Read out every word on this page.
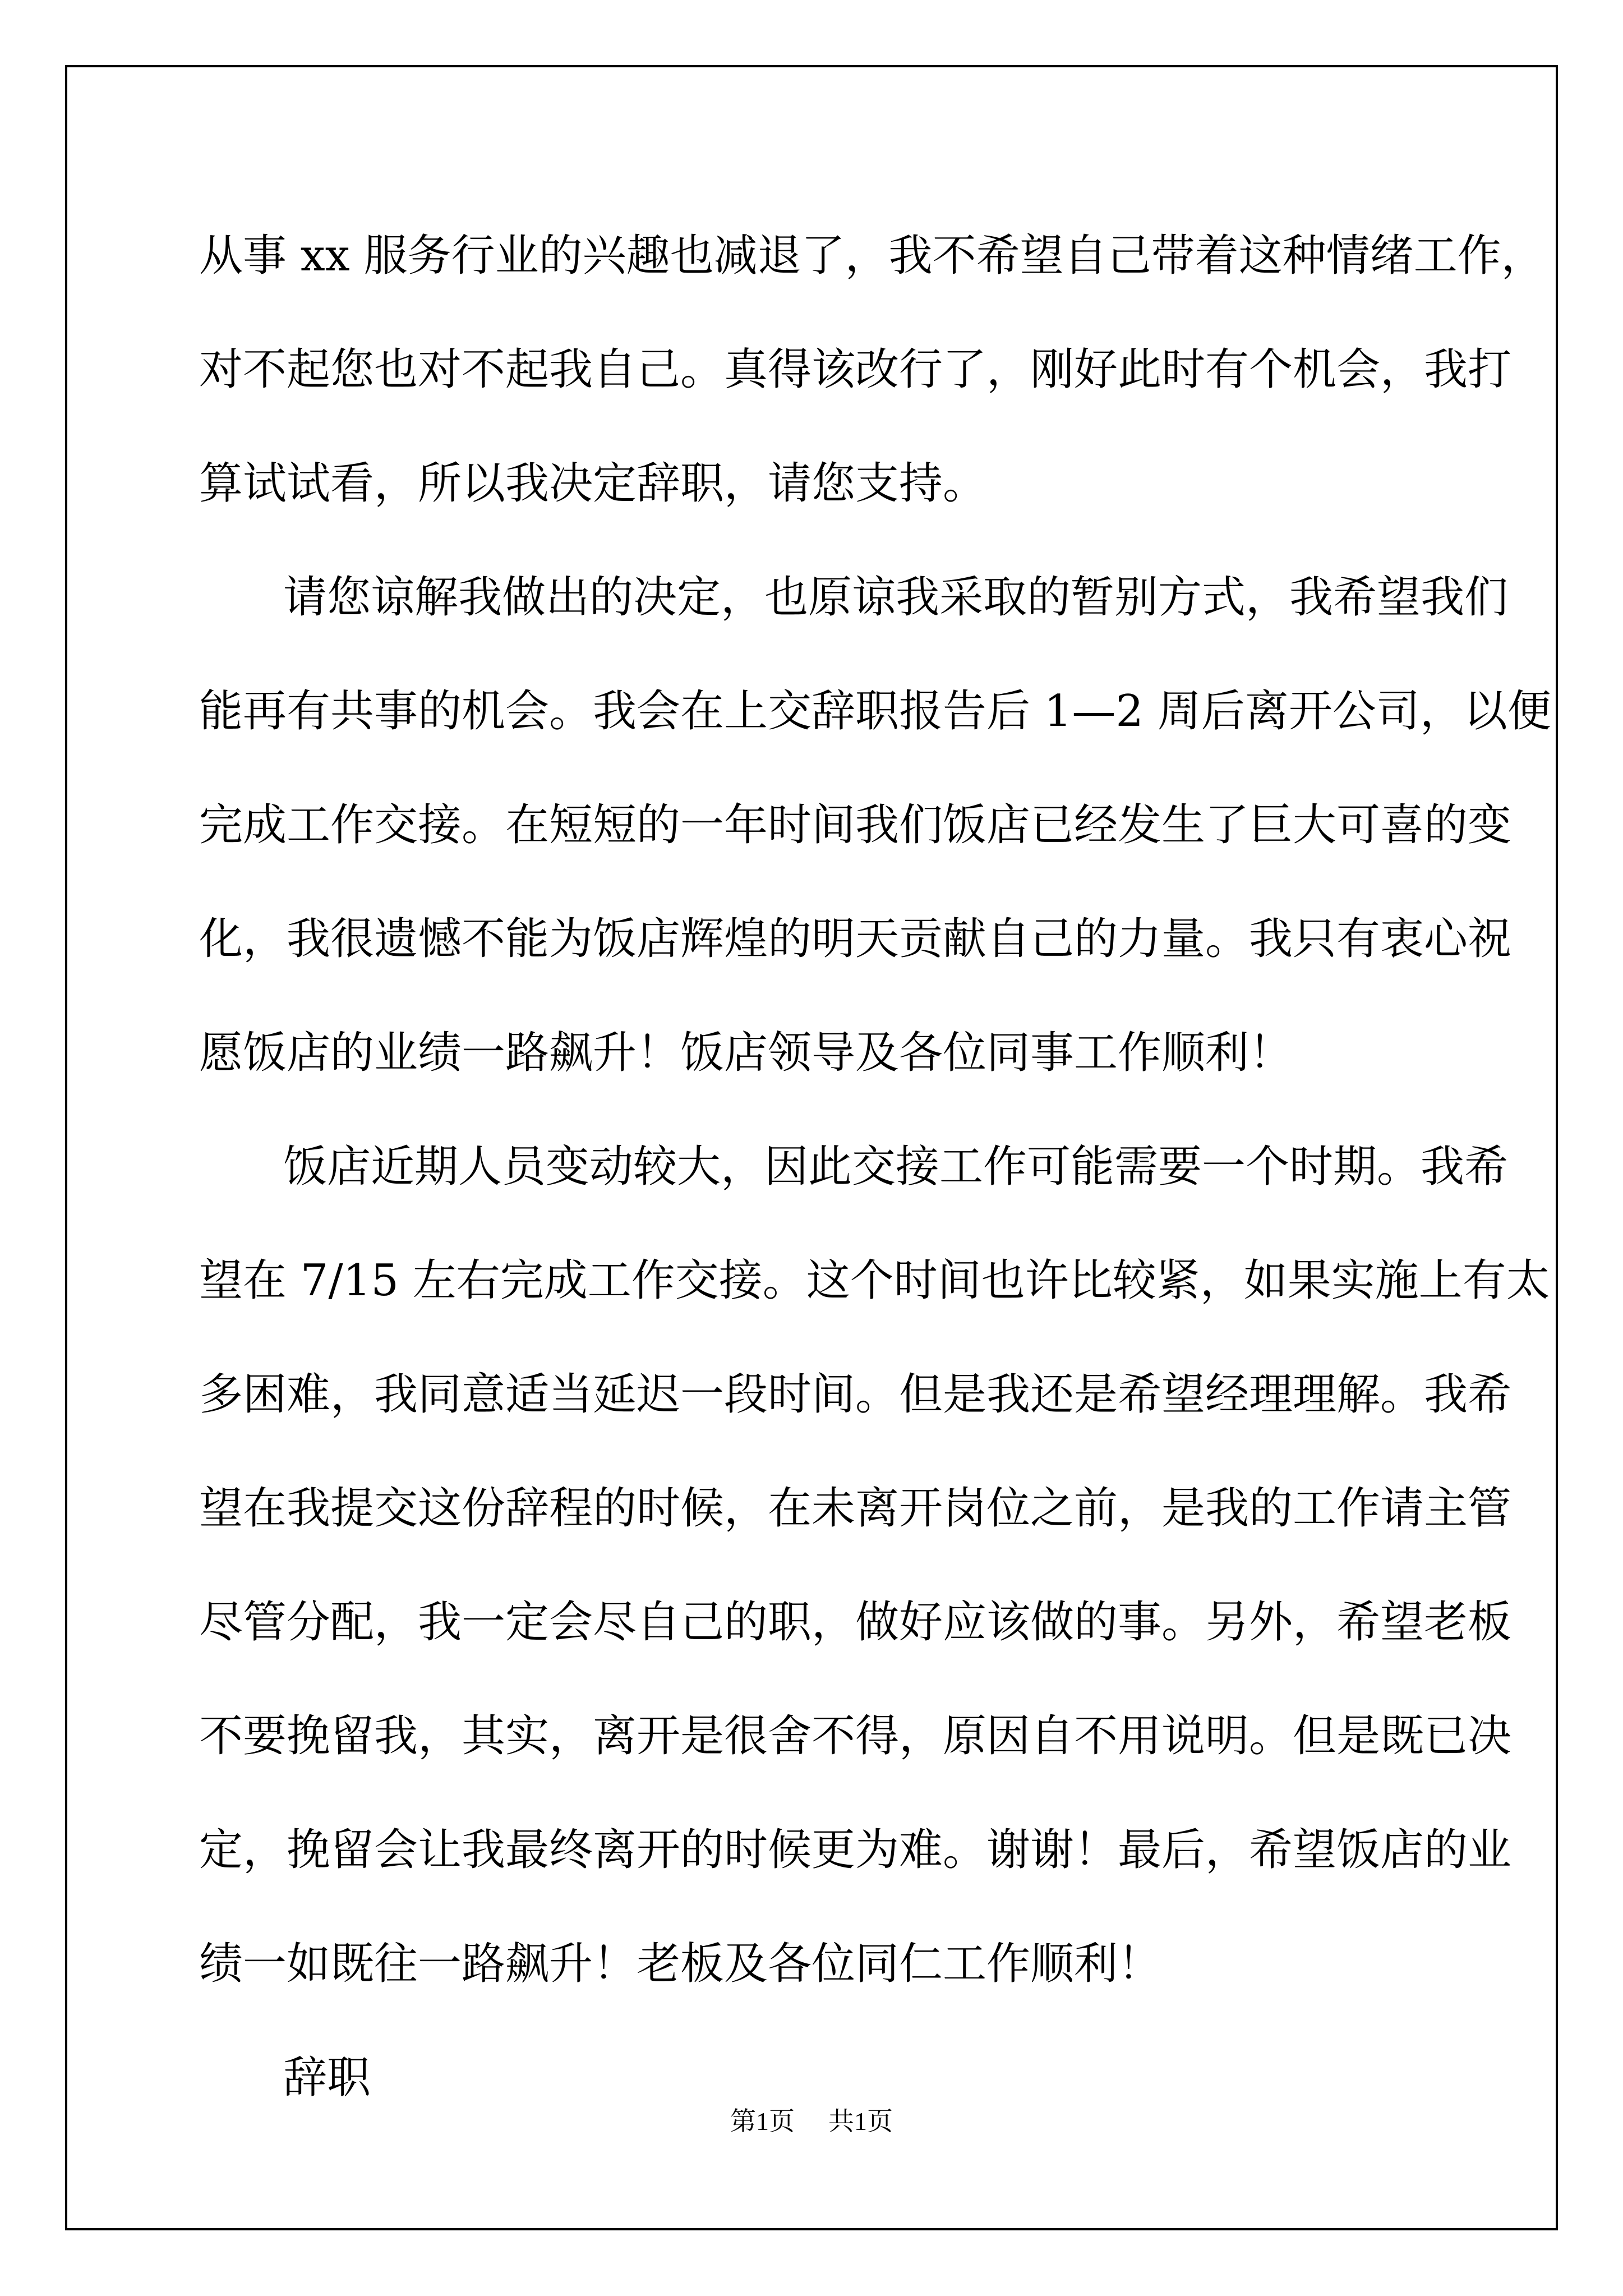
从事 xx 服务行业的兴趣也减退了，我不希望自己带着这种情绪工作，
对不起您也对不起我自己。真得该改行了，刚好此时有个机会，我打
算试试看，所以我决定辞职，请您支持。
请您谅解我做出的决定，也原谅我采取的暂别方式，我希望我们
能再有共事的机会。我会在上交辞职报告后 1—2 周后离开公司，以便
完成工作交接。在短短的一年时间我们饭店已经发生了巨大可喜的变
化，我很遗憾不能为饭店辉煌的明天贡献自己的力量。我只有衷心祝
愿饭店的业绩一路飙升！饭店领导及各位同事工作顺利！
饭店近期人员变动较大，因此交接工作可能需要一个时期。我希
望在 7/15 左右完成工作交接。这个时间也许比较紧，如果实施上有太
多困难，我同意适当延迟一段时间。但是我还是希望经理理解。我希
望在我提交这份辞程的时候，在未离开岗位之前，是我的工作请主管
尽管分配，我一定会尽自己的职，做好应该做的事。另外，希望老板
不要挽留我，其实，离开是很舍不得，原因自不用说明。但是既已决
定，挽留会让我最终离开的时候更为难。谢谢！最后，希望饭店的业
绩一如既往一路飙升！老板及各位同仁工作顺利！
辞职
第1页 共1页
